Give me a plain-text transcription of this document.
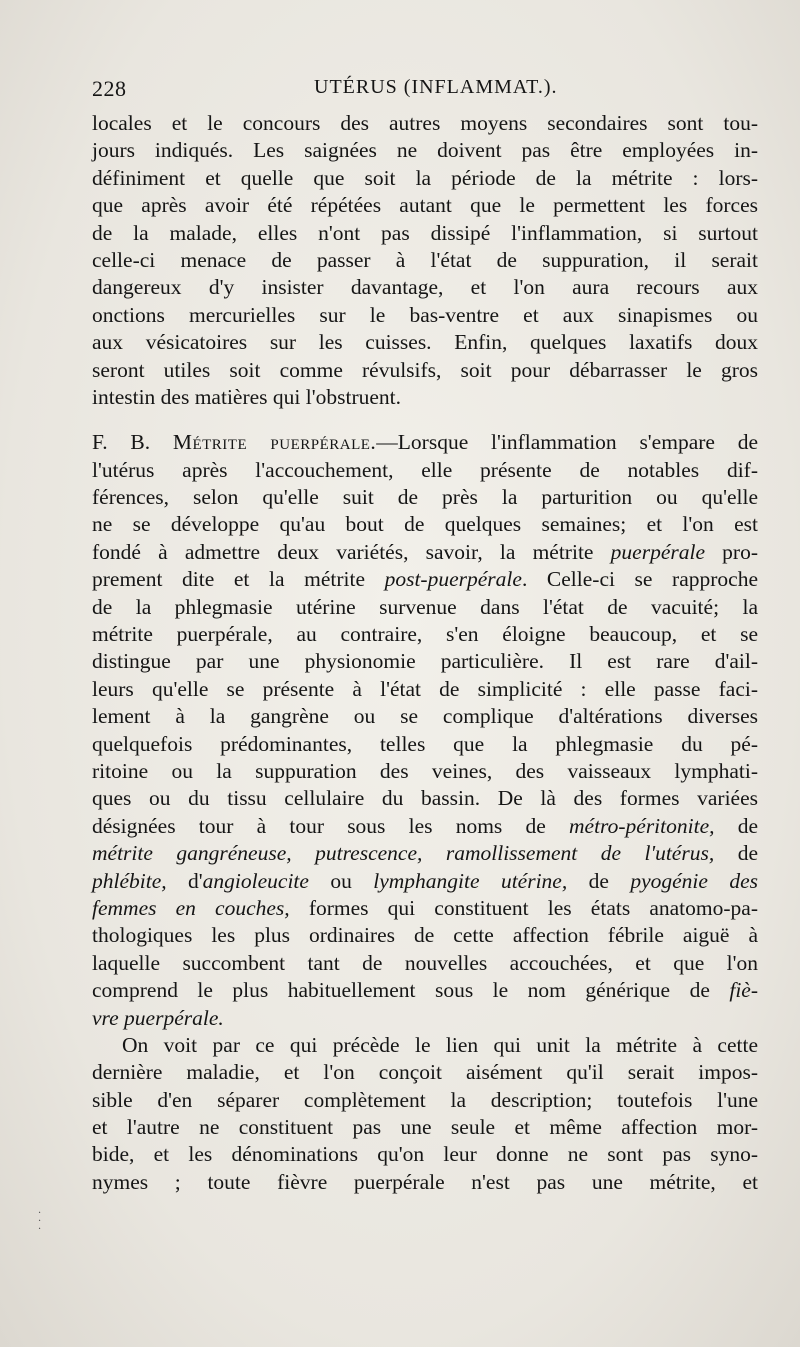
228	UTÉRUS (INFLAMMAT.).
locales et le concours des autres moyens secondaires sont tou-
jours indiqués. Les saignées ne doivent pas être employées in-
définiment et quelle que soit la période de la métrite : lors-
que après avoir été répétées autant que le permettent les forces
de la malade, elles n'ont pas dissipé l'inflammation, si surtout
celle-ci menace de passer à l'état de suppuration, il serait
dangereux d'y insister davantage, et l'on aura recours aux
onctions mercurielles sur le bas-ventre et aux sinapismes ou
aux vésicatoires sur les cuisses. Enfin, quelques laxatifs doux
seront utiles soit comme révulsifs, soit pour débarrasser le gros
intestin des matières qui l'obstruent.
F. B. Métrite puerpérale.—Lorsque l'inflammation s'empare de
l'utérus après l'accouchement, elle présente de notables dif-
férences, selon qu'elle suit de près la parturition ou qu'elle
ne se développe qu'au bout de quelques semaines; et l'on est
fondé à admettre deux variétés, savoir, la métrite puerpérale pro-
prement dite et la métrite post-puerpérale. Celle-ci se rapproche
de la phlegmasie utérine survenue dans l'état de vacuité; la
métrite puerpérale, au contraire, s'en éloigne beaucoup, et se
distingue par une physionomie particulière. Il est rare d'ail-
leurs qu'elle se présente à l'état de simplicité : elle passe faci-
lement à la gangrène ou se complique d'altérations diverses
quelquefois prédominantes, telles que la phlegmasie du pé-
ritoine ou la suppuration des veines, des vaisseaux lymphati-
ques ou du tissu cellulaire du bassin. De là des formes variées
désignées tour à tour sous les noms de métro-péritonite, de
métrite gangréneuse, putrescence, ramollissement de l'utérus, de
phlébite, d'angioleucite ou lymphangite utérine, de pyogénie des
femmes en couches, formes qui constituent les états anatomo-pa-
thologiques les plus ordinaires de cette affection fébrile aiguë à
laquelle succombent tant de nouvelles accouchées, et que l'on
comprend le plus habituellement sous le nom générique de fiè-
vre puerpérale.
On voit par ce qui précède le lien qui unit la métrite à cette
dernière maladie, et l'on conçoit aisément qu'il serait impos-
sible d'en séparer complètement la description; toutefois l'une
et l'autre ne constituent pas une seule et même affection mor-
bide, et les dénominations qu'on leur donne ne sont pas syno-
nymes ; toute fièvre puerpérale n'est pas une métrite, et
·
·
·
